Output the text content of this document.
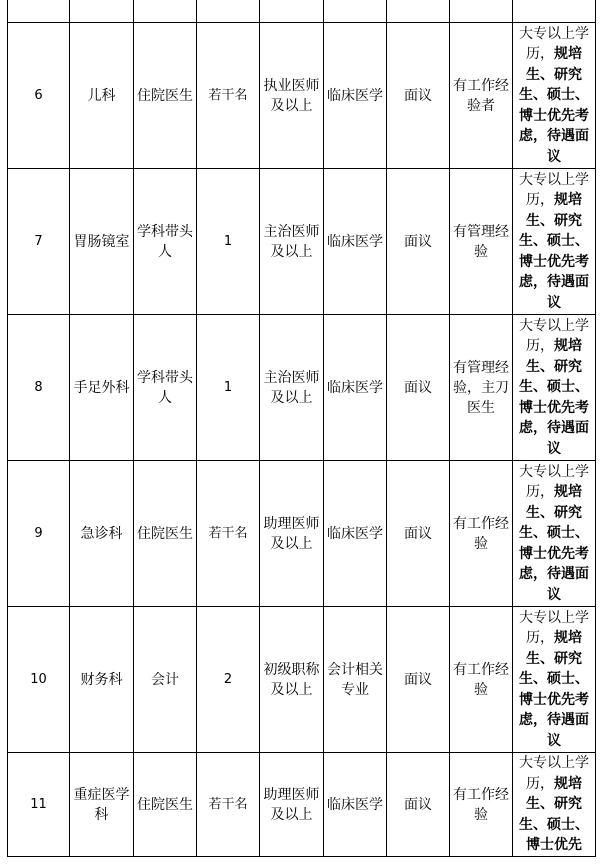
6	儿科	住院医生	若干名	执业医师及以上	临床医学	面议	有工作经验者	大专以上学历，规培生、研究生、硕士、博士优先考虑，待遇面议
7	胃肠镜室	学科带头人	1	主治医师及以上	临床医学	面议	有管理经验	大专以上学历，规培生、研究生、硕士、博士优先考虑，待遇面议
8	手足外科	学科带头人	1	主治医师及以上	临床医学	面议	有管理经验，主刀医生	大专以上学历，规培生、研究生、硕士、博士优先考虑，待遇面议
9	急诊科	住院医生	若干名	助理医师及以上	临床医学	面议	有工作经验	大专以上学历，规培生、研究生、硕士、博士优先考虑，待遇面议
10	财务科	会计	2	初级职称及以上	会计相关专业	面议	有工作经验	大专以上学历，规培生、研究生、硕士、博士优先考虑，待遇面议
11	重症医学科	住院医生	若干名	助理医师及以上	临床医学	面议	有工作经验	大专以上学历，规培生、研究生、硕士、博士优先
